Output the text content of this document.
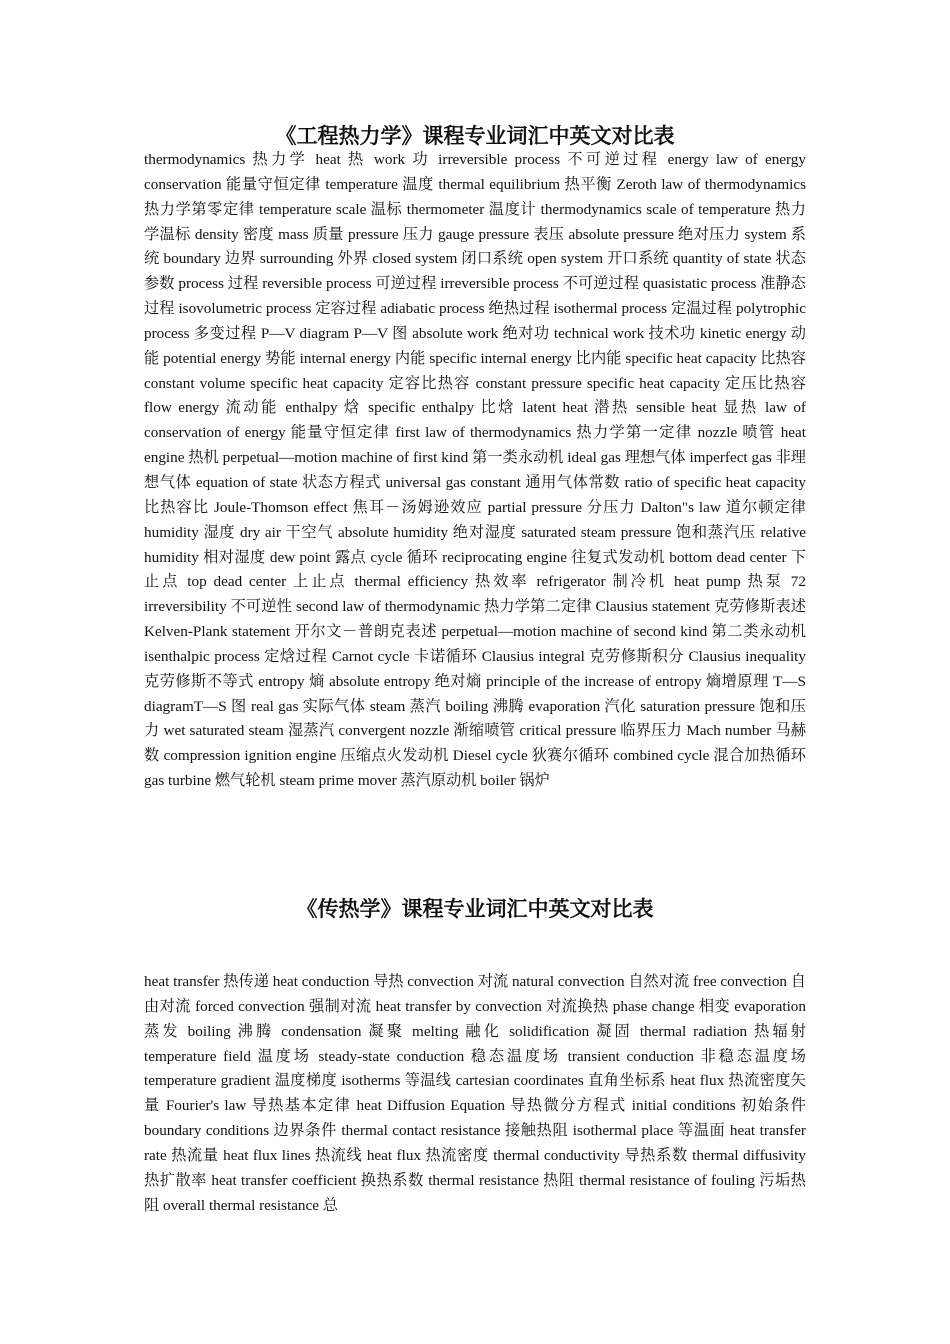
《工程热力学》课程专业词汇中英文对比表

thermodynamics 热力学 heat 热 work 功 irreversible process 不可逆过程 energy law of energy conservation 能量守恒定律 temperature 温度 thermal equilibrium 热平衡 Zeroth law of thermodynamics 热力学第零定律 temperature scale 温标 thermometer 温度计 thermodynamics scale of temperature 热力学温标 density 密度 mass 质量 pressure 压力 gauge pressure 表压 absolute pressure 绝对压力 system 系统 boundary 边界 surrounding 外界 closed system 闭口系统 open system 开口系统 quantity of state 状态参数 process 过程 reversible process 可逆过程 irreversible process 不可逆过程 quasistatic process 准静态过程 isovolumetric process 定容过程 adiabatic process 绝热过程 isothermal process 定温过程 polytrophic process 多变过程 P—V diagram P—V 图 absolute work 绝对功 technical work 技术功 kinetic energy 动能 potential energy 势能 internal energy 内能 specific internal energy 比内能 specific heat capacity 比热容 constant volume specific heat capacity 定容比热容 constant pressure specific heat capacity 定压比热容 flow energy 流动能 enthalpy 焓 specific enthalpy 比焓 latent heat 潜热 sensible heat 显热 law of conservation of energy 能量守恒定律 first law of thermodynamics 热力学第一定律 nozzle 喷管 heat engine 热机 perpetual—motion machine of first kind 第一类永动机 ideal gas 理想气体 imperfect gas 非理想气体 equation of state 状态方程式 universal gas constant 通用气体常数 ratio of specific heat capacity 比热容比 Joule-Thomson effect 焦耳－汤姆逊效应 partial pressure 分压力 Dalton"s law 道尔顿定律 humidity 湿度 dry air 干空气 absolute humidity 绝对湿度 saturated steam pressure 饱和蒸汽压 relative humidity 相对湿度 dew point 露点 cycle 循环 reciprocating engine 往复式发动机 bottom dead center 下止点 top dead center 上止点 thermal efficiency 热效率 refrigerator 制冷机 heat pump 热泵 72 irreversibility 不可逆性 second law of thermodynamic 热力学第二定律 Clausius statement 克劳修斯表述 Kelven-Plank statement 开尔文－普朗克表述 perpetual—motion machine of second kind 第二类永动机 isenthalpic process 定焓过程 Carnot cycle 卡诺循环 Clausius integral 克劳修斯积分 Clausius inequality 克劳修斯不等式 entropy 熵 absolute entropy 绝对熵 principle of the increase of entropy 熵增原理 T—S diagramT—S 图 real gas 实际气体 steam 蒸汽 boiling 沸腾 evaporation 汽化 saturation pressure 饱和压力 wet saturated steam 湿蒸汽 convergent nozzle 渐缩喷管 critical pressure 临界压力 Mach number 马赫数 compression ignition engine 压缩点火发动机 Diesel cycle 狄赛尔循环 combined cycle 混合加热循环 gas turbine 燃气轮机 steam prime mover 蒸汽原动机 boiler 锅炉

《传热学》课程专业词汇中英文对比表

heat transfer 热传递 heat conduction 导热 convection 对流 natural convection 自然对流 free convection 自由对流 forced convection 强制对流 heat transfer by convection 对流换热 phase change 相变 evaporation 蒸发 boiling 沸腾 condensation 凝聚 melting 融化 solidification 凝固 thermal radiation 热辐射 temperature field 温度场 steady-state conduction 稳态温度场 transient conduction 非稳态温度场 temperature gradient 温度梯度 isotherms 等温线 cartesian coordinates 直角坐标系 heat flux 热流密度矢量 Fourier's law 导热基本定律 heat Diffusion Equation 导热微分方程式 initial conditions 初始条件 boundary conditions 边界条件 thermal contact resistance 接触热阻 isothermal place 等温面 heat transfer rate 热流量 heat flux lines 热流线 heat flux 热流密度 thermal conductivity 导热系数 thermal diffusivity 热扩散率 heat transfer coefficient 换热系数 thermal resistance 热阻 thermal resistance of fouling 污垢热阻 overall thermal resistance 总
